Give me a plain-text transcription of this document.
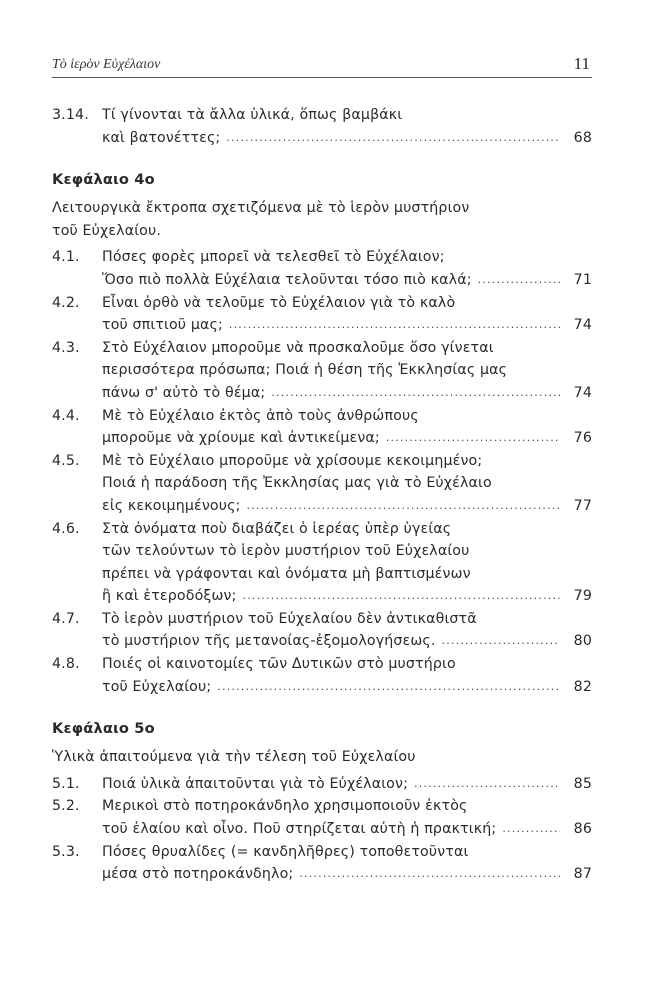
Τὸ ἱερὸν Εὐχέλαιον	11
3.14. Τί γίνονται τὰ ἄλλα ὑλικά, ὅπως βαμβάκι
καὶ βατονέττες; .....	68
Κεφάλαιο 4ο
Λειτουργικὰ ἔκτροπα σχετιζόμενα μὲ τὸ ἱερὸν μυστήριον
τοῦ Εὐχελαίου.
4.1. Πόσες φορὲς μπορεῖ νὰ τελεσθεῖ τὸ Εὐχέλαιον;
Ὅσο πιὸ πολλὰ Εὐχέλαια τελοῦνται τόσο πιὸ καλά; .....	71
4.2. Εἶναι ὀρθὸ νὰ τελοῦμε τὸ Εὐχέλαιον γιὰ τὸ καλὸ
τοῦ σπιτιοῦ μας; .....	74
4.3. Στὸ Εὐχέλαιον μποροῦμε νὰ προσκαλοῦμε ὅσο γίνεται
περισσότερα πρόσωπα; Ποιά ἡ θέση τῆς Ἐκκλησίας μας
πάνω σ' αὐτὸ τὸ θέμα; .....	74
4.4. Μὲ τὸ Εὐχέλαιο ἐκτὸς ἀπὸ τοὺς ἀνθρώπους
μποροῦμε νὰ χρίουμε καὶ ἀντικείμενα; .....	76
4.5. Μὲ τὸ Εὐχέλαιο μποροῦμε νὰ χρίσουμε κεκοιμημένο;
Ποιά ἡ παράδοση τῆς Ἐκκλησίας μας γιὰ τὸ Εὐχέλαιο
εἰς κεκοιμημένους; .....	77
4.6. Στὰ ὀνόματα ποὺ διαβάζει ὁ ἱερέας ὑπὲρ ὑγείας
τῶν τελούντων τὸ ἱερὸν μυστήριον τοῦ Εὐχελαίου
πρέπει νὰ γράφονται καὶ ὀνόματα μὴ βαπτισμένων
ἢ καὶ ἑτεροδόξων; .....	79
4.7. Τὸ ἱερὸν μυστήριον τοῦ Εὐχελαίου δὲν ἀντικαθιστᾶ
τὸ μυστήριον τῆς μετανοίας-ἐξομολογήσεως. .....	80
4.8. Ποιές οἱ καινοτομίες τῶν Δυτικῶν στὸ μυστήριο
τοῦ Εὐχελαίου; .....	82
Κεφάλαιο 5ο
Ὑλικὰ ἀπαιτούμενα γιὰ τὴν τέλεση τοῦ Εὐχελαίου
5.1. Ποιά ὑλικὰ ἀπαιτοῦνται γιὰ τὸ Εὐχέλαιον; .....	85
5.2. Μερικοὶ στὸ ποτηροκάνδηλο χρησιμοποιοῦν ἐκτὸς
τοῦ ἐλαίου καὶ οἶνο. Ποῦ στηρίζεται αὐτὴ ἡ πρακτική; .....	86
5.3. Πόσες θρυαλίδες (= κανδηλῆθρες) τοποθετοῦνται
μέσα στὸ ποτηροκάνδηλο; .....	87
